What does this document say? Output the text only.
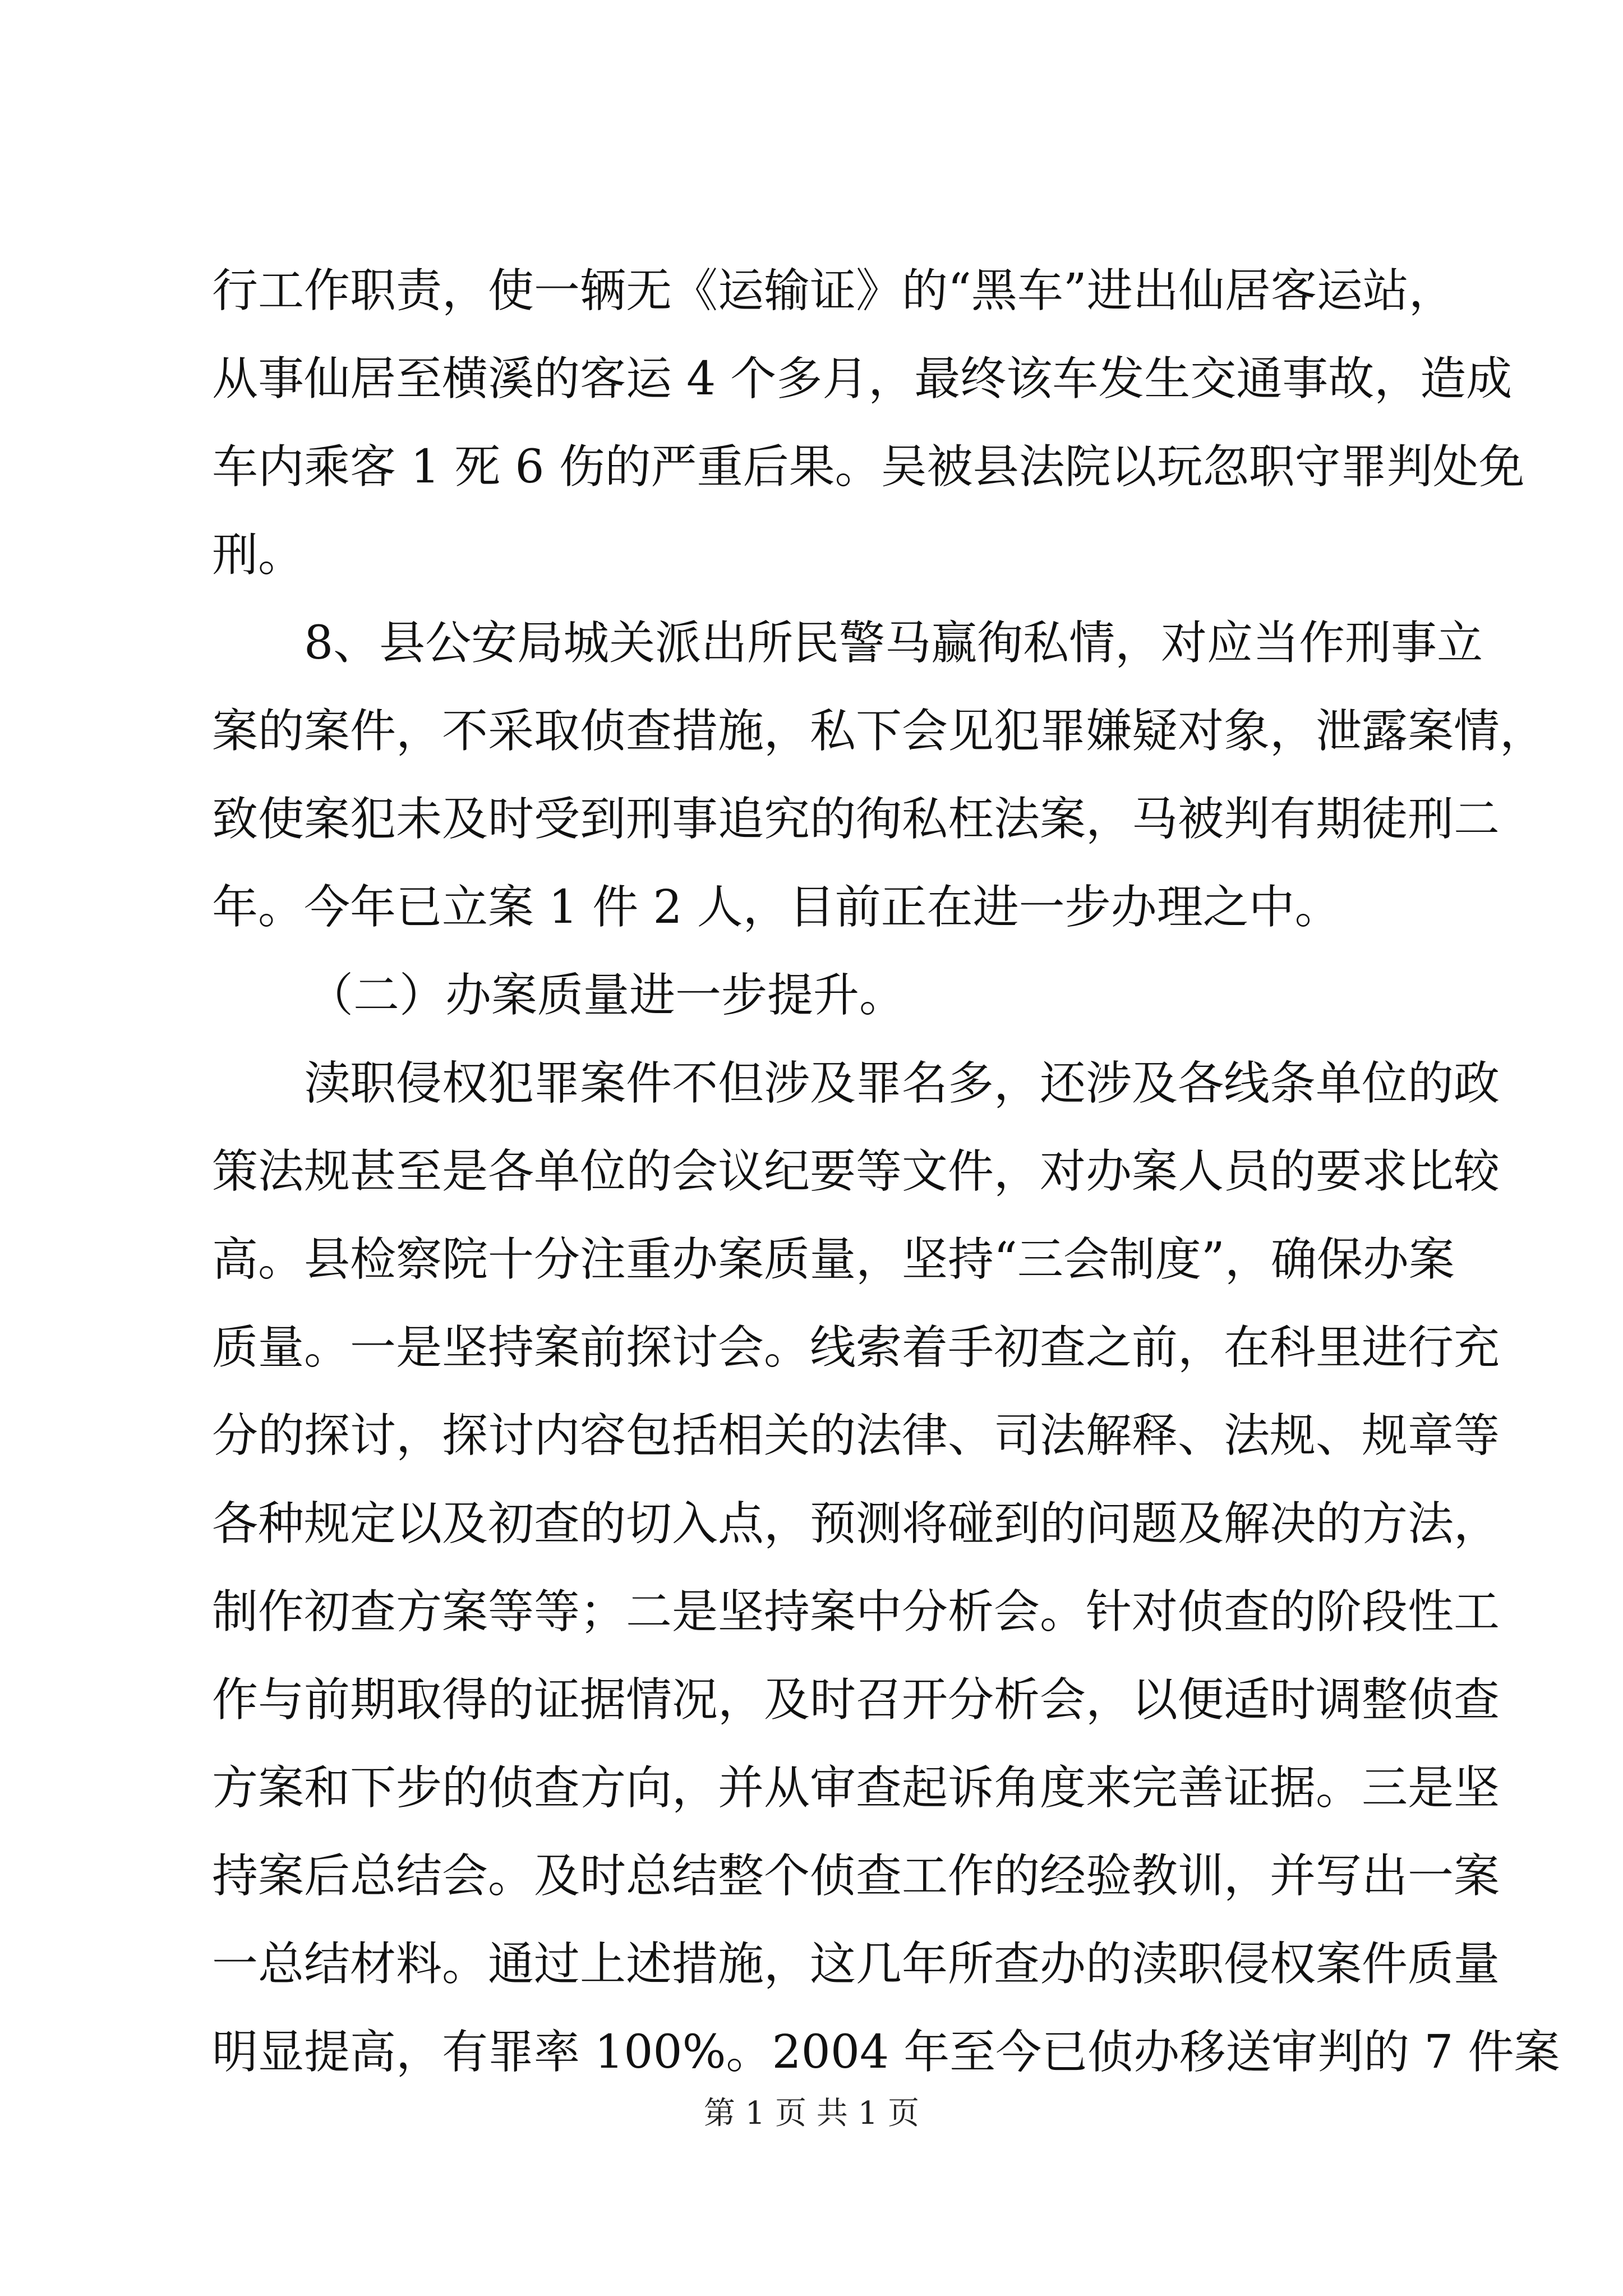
行工作职责，使一辆无《运输证》的“黑车”进出仙居客运站，
从事仙居至横溪的客运 4 个多月，最终该车发生交通事故，造成
车内乘客 1 死 6 伤的严重后果。吴被县法院以玩忽职守罪判处免
刑。
8、县公安局城关派出所民警马赢徇私情，对应当作刑事立
案的案件，不采取侦查措施，私下会见犯罪嫌疑对象，泄露案情，
致使案犯未及时受到刑事追究的徇私枉法案，马被判有期徒刑二
年。今年已立案 1 件 2 人，目前正在进一步办理之中。
（二）办案质量进一步提升。
渎职侵权犯罪案件不但涉及罪名多，还涉及各线条单位的政
策法规甚至是各单位的会议纪要等文件，对办案人员的要求比较
高。县检察院十分注重办案质量，坚持“三会制度”，确保办案
质量。一是坚持案前探讨会。线索着手初查之前，在科里进行充
分的探讨，探讨内容包括相关的法律、司法解释、法规、规章等
各种规定以及初查的切入点，预测将碰到的问题及解决的方法，
制作初查方案等等；二是坚持案中分析会。针对侦查的阶段性工
作与前期取得的证据情况，及时召开分析会，以便适时调整侦查
方案和下步的侦查方向，并从审查起诉角度来完善证据。三是坚
持案后总结会。及时总结整个侦查工作的经验教训，并写出一案
一总结材料。通过上述措施，这几年所查办的渎职侵权案件质量
明显提高，有罪率 100%。2004 年至今已侦办移送审判的 7 件案
第 1 页 共 1 页
